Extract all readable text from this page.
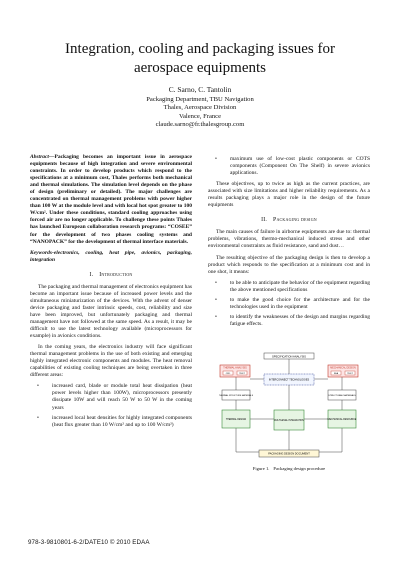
Integration, cooling and packaging issues for aerospace equipments
C. Sarno, C. Tantolin
Packaging Department, TBU Navigation
Thales, Aerospace Division
Valence, France
claude.sarno@fr.thalesgroup.com

Abstract—Packaging becomes an important issue in aerospace equipments because of high integration and severe environmental constraints. In order to develop products which respond to the specifications at a minimum cost, Thales performs both mechanical and thermal simulations. The simulation level depends on the phase of design (preliminary or detailed). The major challenges are concentrated on thermal management problems with power higher than 100 W at the module level and with local hot spot greater to 100 W/cm². Under these conditions, standard cooling approaches using forced air are no longer applicable. To challenge these points Thales has launched European collaboration research programs: “COSEE” for the development of two phases cooling systems and “NANOPACK” for the development of thermal interface materials.

Keywords-electronics, cooling, heat pipe, avionics, packaging, integration

I. Introduction

The packaging and thermal management of electronics equipment has become an important issue because of increased power levels and the simultaneous miniaturization of the devices. With the advent of denser device packaging and faster intrinsic speeds, cost, reliability and size have been improved, but unfortunately packaging and thermal management have not followed at the same speed. As a result, it may be difficult to use the latest technology available (microprocessors for example) in avionics conditions.

In the coming years, the electronics industry will face significant thermal management problems in the use of both existing and emerging highly integrated electronic components and modules. The heat removal capabilities of existing cooling techniques are being overtaken in three different areas:

• increased card, blade or module total heat dissipation (heat power levels higher than 100W), microprocessors presently dissipate 10W and will reach 50 W to 50 W in the coming years
• increased local heat densities for highly integrated components (heat flux greater than 10 W/cm² and up to 100 W/cm²)
• maximum use of low-cost plastic components or COTS components (Component On The Shelf) in severe avionics applications.

These objectives, up to twice as high as the current practices, are associated with size limitations and higher reliability requirements. As a results packaging plays a major role in the design of the future equipments

II. Packaging design

The main causes of failure in airborne equipments are due to: thermal problems, vibrations, thermo-mechanical induced stress and other environmental constraints as fluid resistance, sand and dust…

The resulting objective of the packaging design is then to develop a product which responds to the specification at a minimum cost and in one shot, it means:

• to be able to anticipate the behavior of the equipment regarding the above mentioned specifications
• to make the good choice for the architecture and for the technologies used in the equipment
• to identify the weaknesses of the design and margins regarding fatigue effects.
SPECIFICATION ANALYSIS
THERMAL ANALYSIS
CFD	TEST
MECHANICAL DESIGN
FEA	TEST
INTERCONNECT TECHNOLOGIES
THERMAL STRUCTURE MATERIALS	STRUCTURAL MATERIALS
THERMAL DESIGN	MULTILEVEL INTEGRATION	MECHANICAL RESOURCE
PACKAGING DESIGN DOCUMENT
Figure 1. Packaging design procedure
978-3-9810801-6-2/DATE10 © 2010 EDAA
